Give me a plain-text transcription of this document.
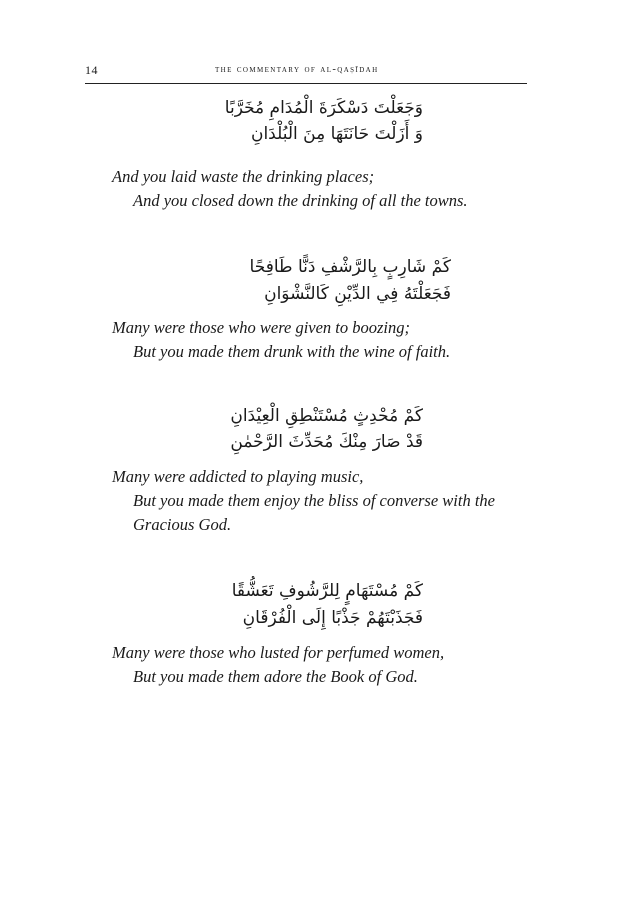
14	the commentary of al-qaṣīdah
وَجَعَلْتَ دَسْكَرَةَ الْمُدَامِ مُخَرَّبًا
وَ أَزَلْتَ حَانَتَهَا مِنَ الْبُلْدَانِ
And you laid waste the drinking places;
And you closed down the drinking of all the towns.
كَمْ شَارِبٍ بِالرَّشْفِ دَنًّا طَافِحًا
فَجَعَلْتَهُ فِي الدِّيْنِ كَالنَّشْوَانِ
Many were those who were given to boozing;
But you made them drunk with the wine of faith.
كَمْ مُحْدِثٍ مُسْتَنْطِقِ الْعِيْدَانِ
قَدْ صَارَ مِنْكَ مُحَدِّثَ الرَّحْمٰنِ
Many were addicted to playing music,
But you made them enjoy the bliss of converse with the
Gracious God.
كَمْ مُسْتَهَامٍ لِلرَّشُوفِ تَعَشُّقًا
فَجَذَبْتَهُمْ جَذْبًا إِلَى الْفُرْقَانِ
Many were those who lusted for perfumed women,
But you made them adore the Book of God.
